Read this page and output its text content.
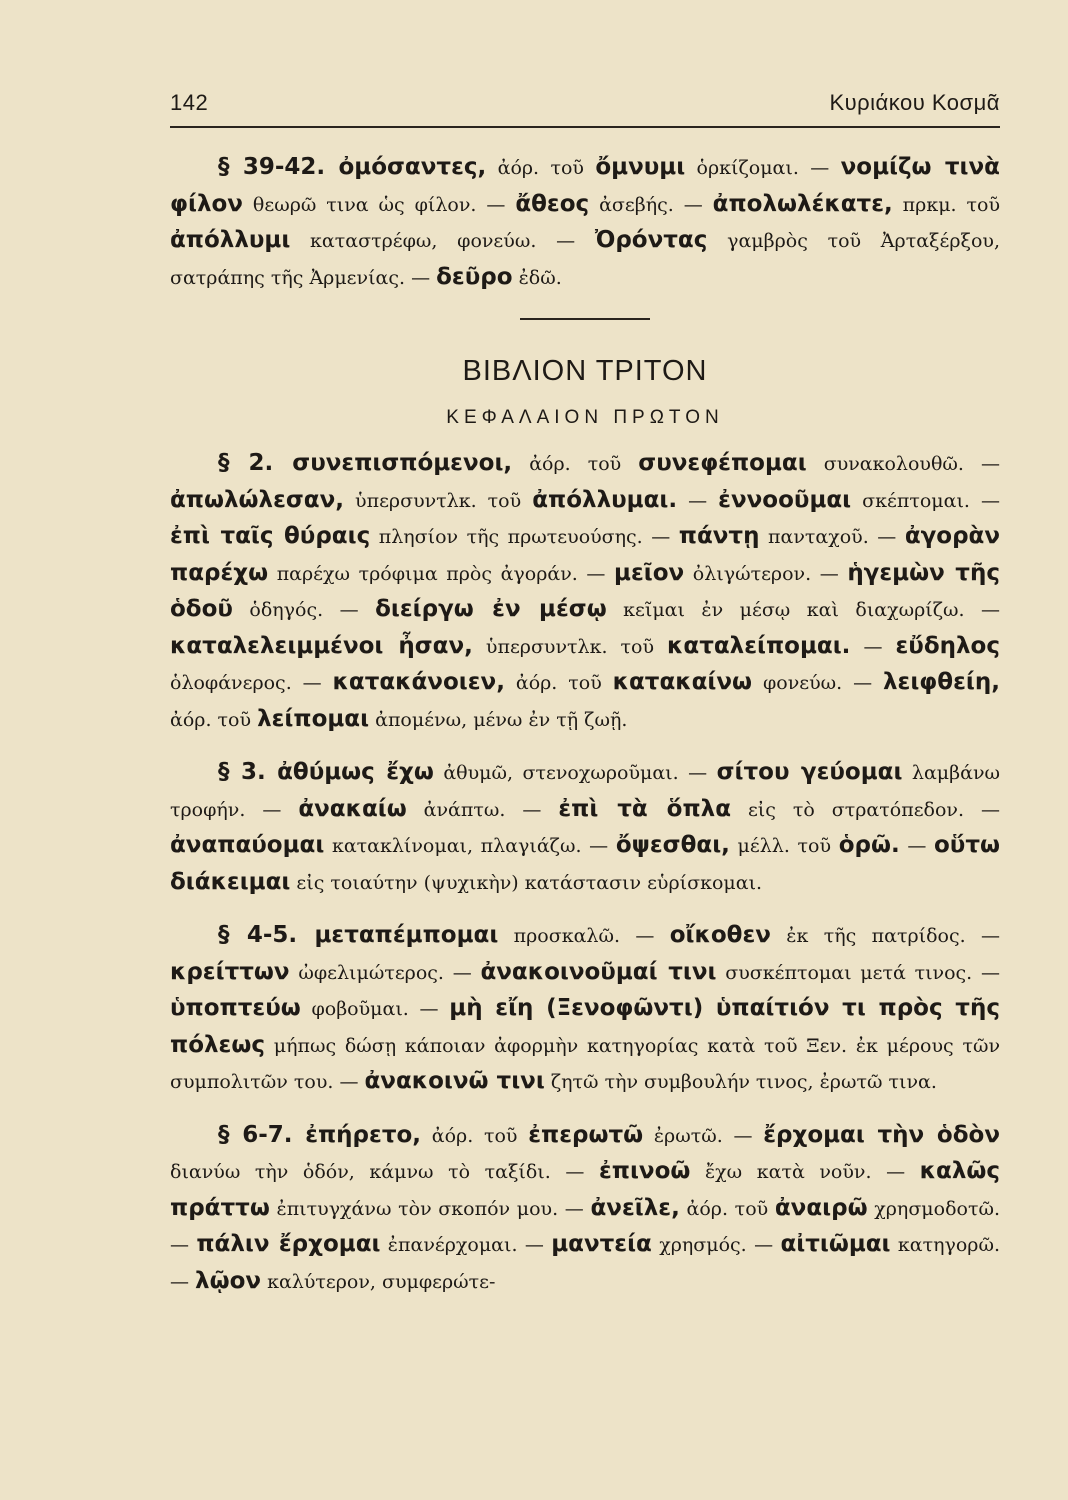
142	Κυριάκου Κοσμᾶ

§ 39-42. ὀμόσαντες, ἀόρ. τοῦ ὄμνυμι ὁρκίζομαι. — νομίζω τινὰ φίλον θεωρῶ τινα ὡς φίλον. — ἄθεος ἀσεβής. — ἀπολωλέκατε, πρκμ. τοῦ ἀπόλλυμι καταστρέφω, φονεύω. — Ὀρόντας γαμβρὸς τοῦ Ἀρταξέρξου, σατράπης τῆς Ἀρμενίας. — δεῦρο ἐδῶ.

ΒΙΒΛΙΟΝ ΤΡΙΤΟΝ
ΚΕΦΑΛΑΙΟΝ ΠΡΩΤΟΝ

§ 2. συνεπισπόμενοι, ἀόρ. τοῦ συνεφέπομαι συνακολουθῶ. — ἀπωλώλεσαν, ὑπερσυντλκ. τοῦ ἀπόλλυμαι. — ἐννοοῦμαι σκέπτομαι. — ἐπὶ ταῖς θύραις πλησίον τῆς πρωτευούσης. — πάντῃ πανταχοῦ. — ἀγορὰν παρέχω παρέχω τρόφιμα πρὸς ἀγοράν. — μεῖον ὀλιγώτερον. — ἡγεμὼν τῆς ὁδοῦ ὁδηγός. — διείργω ἐν μέσῳ κεῖμαι ἐν μέσῳ καὶ διαχωρίζω. — καταλελειμμένοι ἦσαν, ὑπερσυντλκ. τοῦ καταλείπομαι. — εὔδηλος ὁλοφάνερος. — κατακάνοιεν, ἀόρ. τοῦ κατακαίνω φονεύω. — λειφθείη, ἀόρ. τοῦ λείπομαι ἀπομένω, μένω ἐν τῇ ζωῇ.

§ 3. ἀθύμως ἔχω ἀθυμῶ, στενοχωροῦμαι. — σίτου γεύομαι λαμβάνω τροφήν. — ἀνακαίω ἀνάπτω. — ἐπὶ τὰ ὅπλα εἰς τὸ στρατόπεδον. — ἀναπαύομαι κατακλίνομαι, πλαγιάζω. — ὄψεσθαι, μέλλ. τοῦ ὁρῶ. — οὕτω διάκειμαι εἰς τοιαύτην (ψυχικὴν) κατάστασιν εὑρίσκομαι.

§ 4-5. μεταπέμπομαι προσκαλῶ. — οἴκοθεν ἐκ τῆς πατρίδος. — κρείττων ὠφελιμώτερος. — ἀνακοινοῦμαί τινι συσκέπτομαι μετά τινος. — ὑποπτεύω φοβοῦμαι. — μὴ εἴη (Ξενοφῶντι) ὑπαίτιόν τι πρὸς τῆς πόλεως μήπως δώσῃ κάποιαν ἀφορμὴν κατηγορίας κατὰ τοῦ Ξεν. ἐκ μέρους τῶν συμπολιτῶν του. — ἀνακοινῶ τινι ζητῶ τὴν συμβουλήν τινος, ἐρωτῶ τινα.

§ 6-7. ἐπήρετο, ἀόρ. τοῦ ἐπερωτῶ ἐρωτῶ. — ἔρχομαι τὴν ὁδὸν διανύω τὴν ὁδόν, κάμνω τὸ ταξίδι. — ἐπινοῶ ἔχω κατὰ νοῦν. — καλῶς πράττω ἐπιτυγχάνω τὸν σκοπόν μου. — ἀνεῖλε, ἀόρ. τοῦ ἀναιρῶ χρησμοδοτῶ. — πάλιν ἔρχομαι ἐπανέρχομαι. — μαντεία χρησμός. — αἰτιῶμαι κατηγορῶ. — λῷον καλύτερον, συμφερώτε-
